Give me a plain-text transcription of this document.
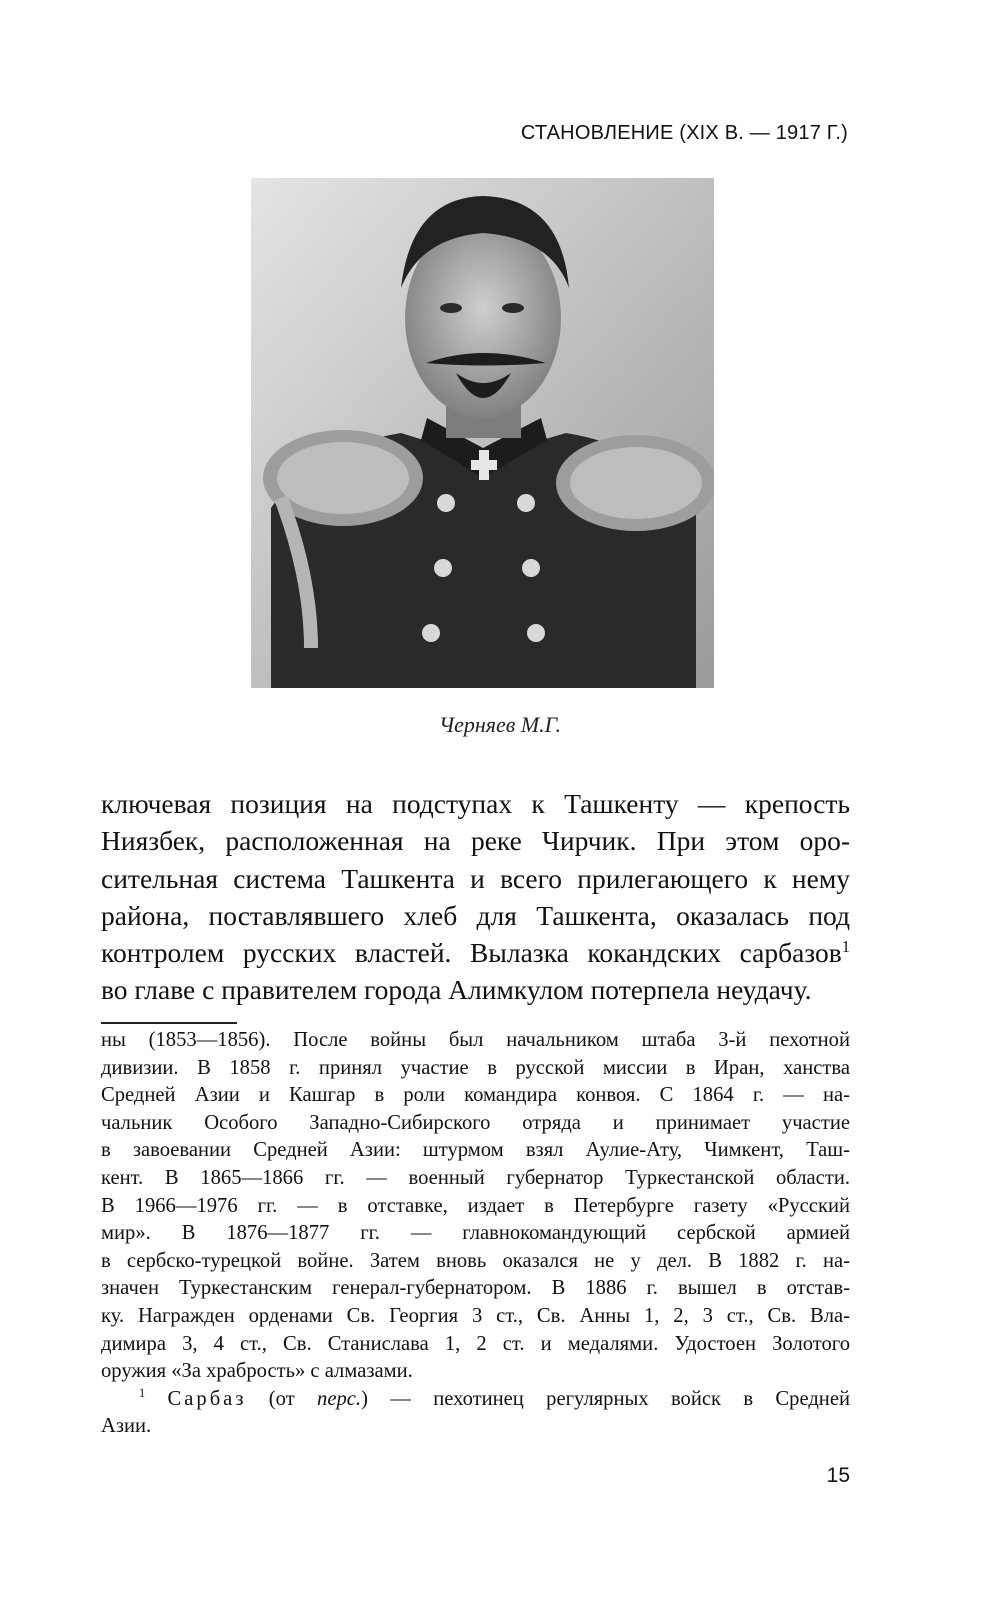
СТАНОВЛЕНИЕ (XIX В. — 1917 Г.)
Черняев М.Г.
ключевая позиция на подступах к Ташкенту — крепость
Ниязбек, расположенная на реке Чирчик. При этом оро-
сительная система Ташкента и всего прилегающего к нему
района, поставлявшего хлеб для Ташкента, оказалась под
контролем русских властей. Вылазка кокандских сарбазов$^1$
во главе с правителем города Алимкулом потерпела неудачу.
ны (1853—1856). После войны был начальником штаба 3-й пехотной
дивизии. В 1858 г. принял участие в русской миссии в Иран, ханства
Средней Азии и Кашгар в роли командира конвоя. С 1864 г. — на-
чальник Особого Западно-Сибирского отряда и принимает участие
в завоевании Средней Азии: штурмом взял Аулие-Ату, Чимкент, Таш-
кент. В 1865—1866 гг. — военный губернатор Туркестанской области.
В 1966—1976 гг. — в отставке, издает в Петербурге газету «Русский
мир». В 1876—1877 гг. — главнокомандующий сербской армией
в сербско-турецкой войне. Затем вновь оказался не у дел. В 1882 г. на-
значен Туркестанским генерал-губернатором. В 1886 г. вышел в отстав-
ку. Награжден орденами Св. Георгия 3 ст., Св. Анны 1, 2, 3 ст., Св. Вла-
димира 3, 4 ст., Св. Станислава 1, 2 ст. и медалями. Удостоен Золотого
оружия «За храбрость» с алмазами.
$^1$ Сарбаз (от перс.) — пехотинец регулярных войск в Средней
Азии.
15
